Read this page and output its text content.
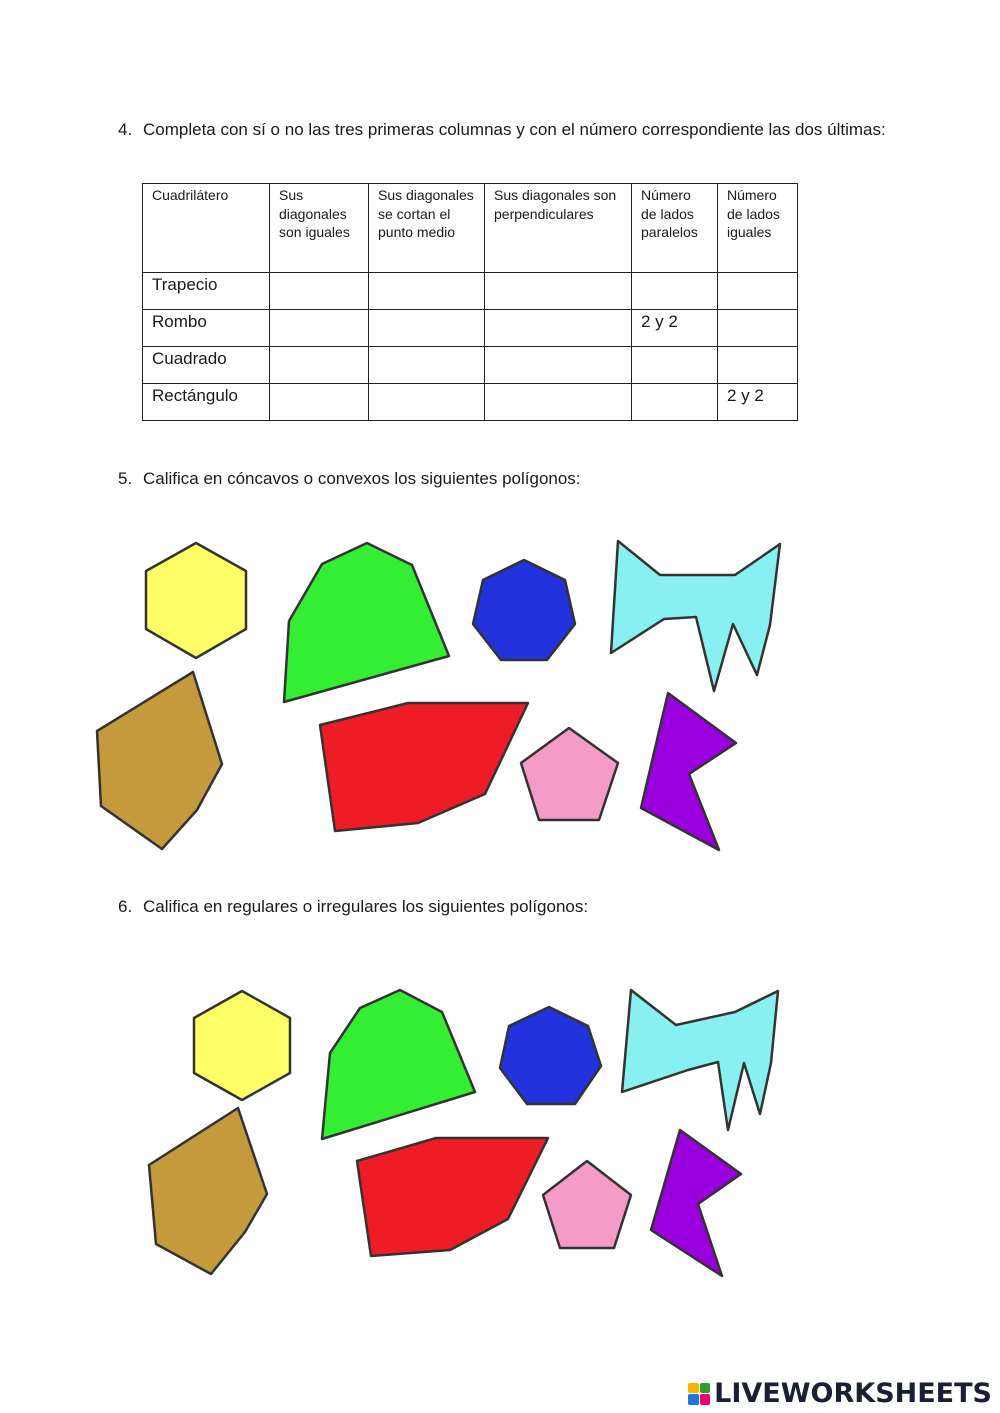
4. Completa con sí o no las tres primeras columnas y con el número correspondiente las dos últimas:
Cuadrilátero	Sus diagonales son iguales	Sus diagonales se cortan el punto medio	Sus diagonales son perpendiculares	Número de lados paralelos	Número de lados iguales
Trapecio					
Rombo				2 y 2	
Cuadrado					
Rectángulo					2 y 2
5. Califica en cóncavos o convexos los siguientes polígonos:
6. Califica en regulares o irregulares los siguientes polígonos:
LIVEWORKSHEETS
